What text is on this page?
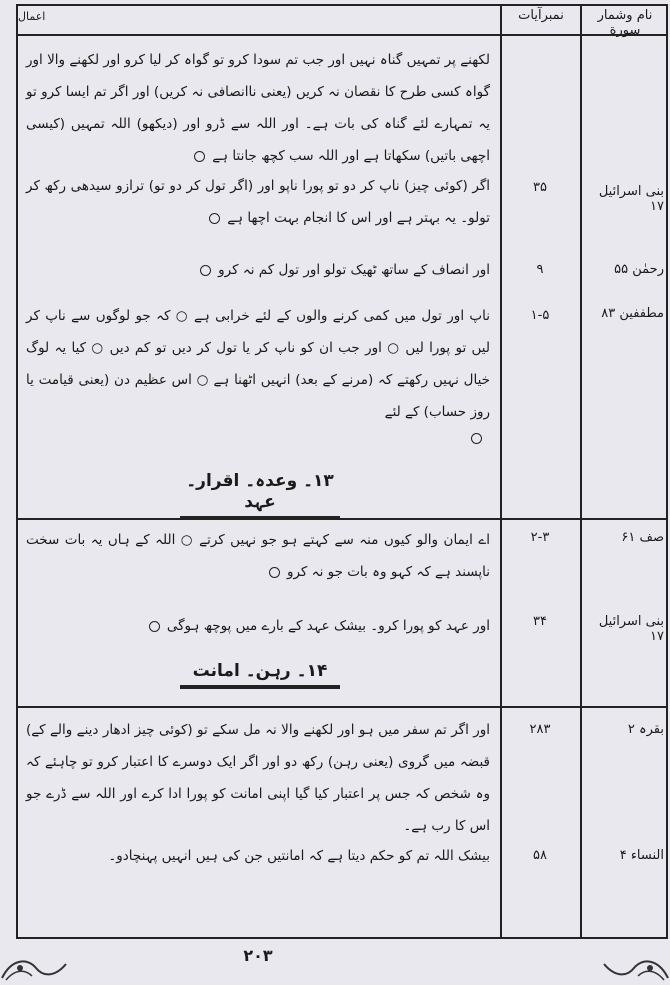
اعمال	نام وشمار سورة
نمبرآيات
لکھنے پر تمہیں گناہ نہیں اور جب تم سودا کرو تو گواہ کر لیا کرو اور لکھنے والا اور گواہ کسی طرح کا نقصان نہ کریں (یعنی ناانصافی نہ کریں) اور اگر تم ایسا کرو تو یہ تمہارے لئے گناہ کی بات ہے۔ اور اللہ سے ڈرو اور (دیکھو) اللہ تمہیں (کیسی اچھی باتیں) سکھاتا ہے اور اللہ سب کچھ جانتا ہے
بنی اسرائیل ۱۷
۳۵
اگر (کوئی چیز) ناپ کر دو تو پورا ناپو اور (اگر تول کر دو تو) ترازو سیدھی رکھ کر تولو۔ یہ بہتر ہے اور اس کا انجام بہت اچھا ہے
رحمٰن ۵۵
۹
اور انصاف کے ساتھ ٹھیک تولو اور تول کم نہ کرو
مطففین ۸۳
۱-۵
ناپ اور تول میں کمی کرنے والوں کے لئے خرابی ہے ○ کہ جو لوگوں سے ناپ کر لیں تو پورا لیں ○ اور جب ان کو ناپ کر یا تول کر دیں تو کم دیں ○ کیا یہ لوگ خیال نہیں رکھتے کہ (مرنے کے بعد) انہیں اٹھنا ہے ○ اس عظیم دن (یعنی قیامت یا روز حساب) کے لئے
۱۳۔ وعدہ۔ اقرار۔ عہد
صف ۶۱
۲-۳
اے ایمان والو کیوں منہ سے کہتے ہو جو نہیں کرتے ○ اللہ کے ہاں یہ بات سخت ناپسند ہے کہ کہو وہ بات جو نہ کرو
بنی اسرائیل ۱۷
۳۴
اور عہد کو پورا کرو۔ بیشک عہد کے بارے میں پوچھ ہوگی
۱۴۔ رہن۔ امانت
بقرہ ۲
۲۸۳
اور اگر تم سفر میں ہو اور لکھنے والا نہ مل سکے تو (کوئی چیز ادھار دینے والے کے) قبضہ میں گروی (یعنی رہن) رکھ دو اور اگر ایک دوسرے کا اعتبار کرو تو چاہئے کہ وہ شخص کہ جس پر اعتبار کیا گیا اپنی امانت کو پورا ادا کرے اور اللہ سے ڈرے جو اس کا رب ہے۔
النساء ۴
۵۸
بیشک اللہ تم کو حکم دیتا ہے کہ امانتیں جن کی ہیں انہیں پہنچادو۔
۲۰۳
